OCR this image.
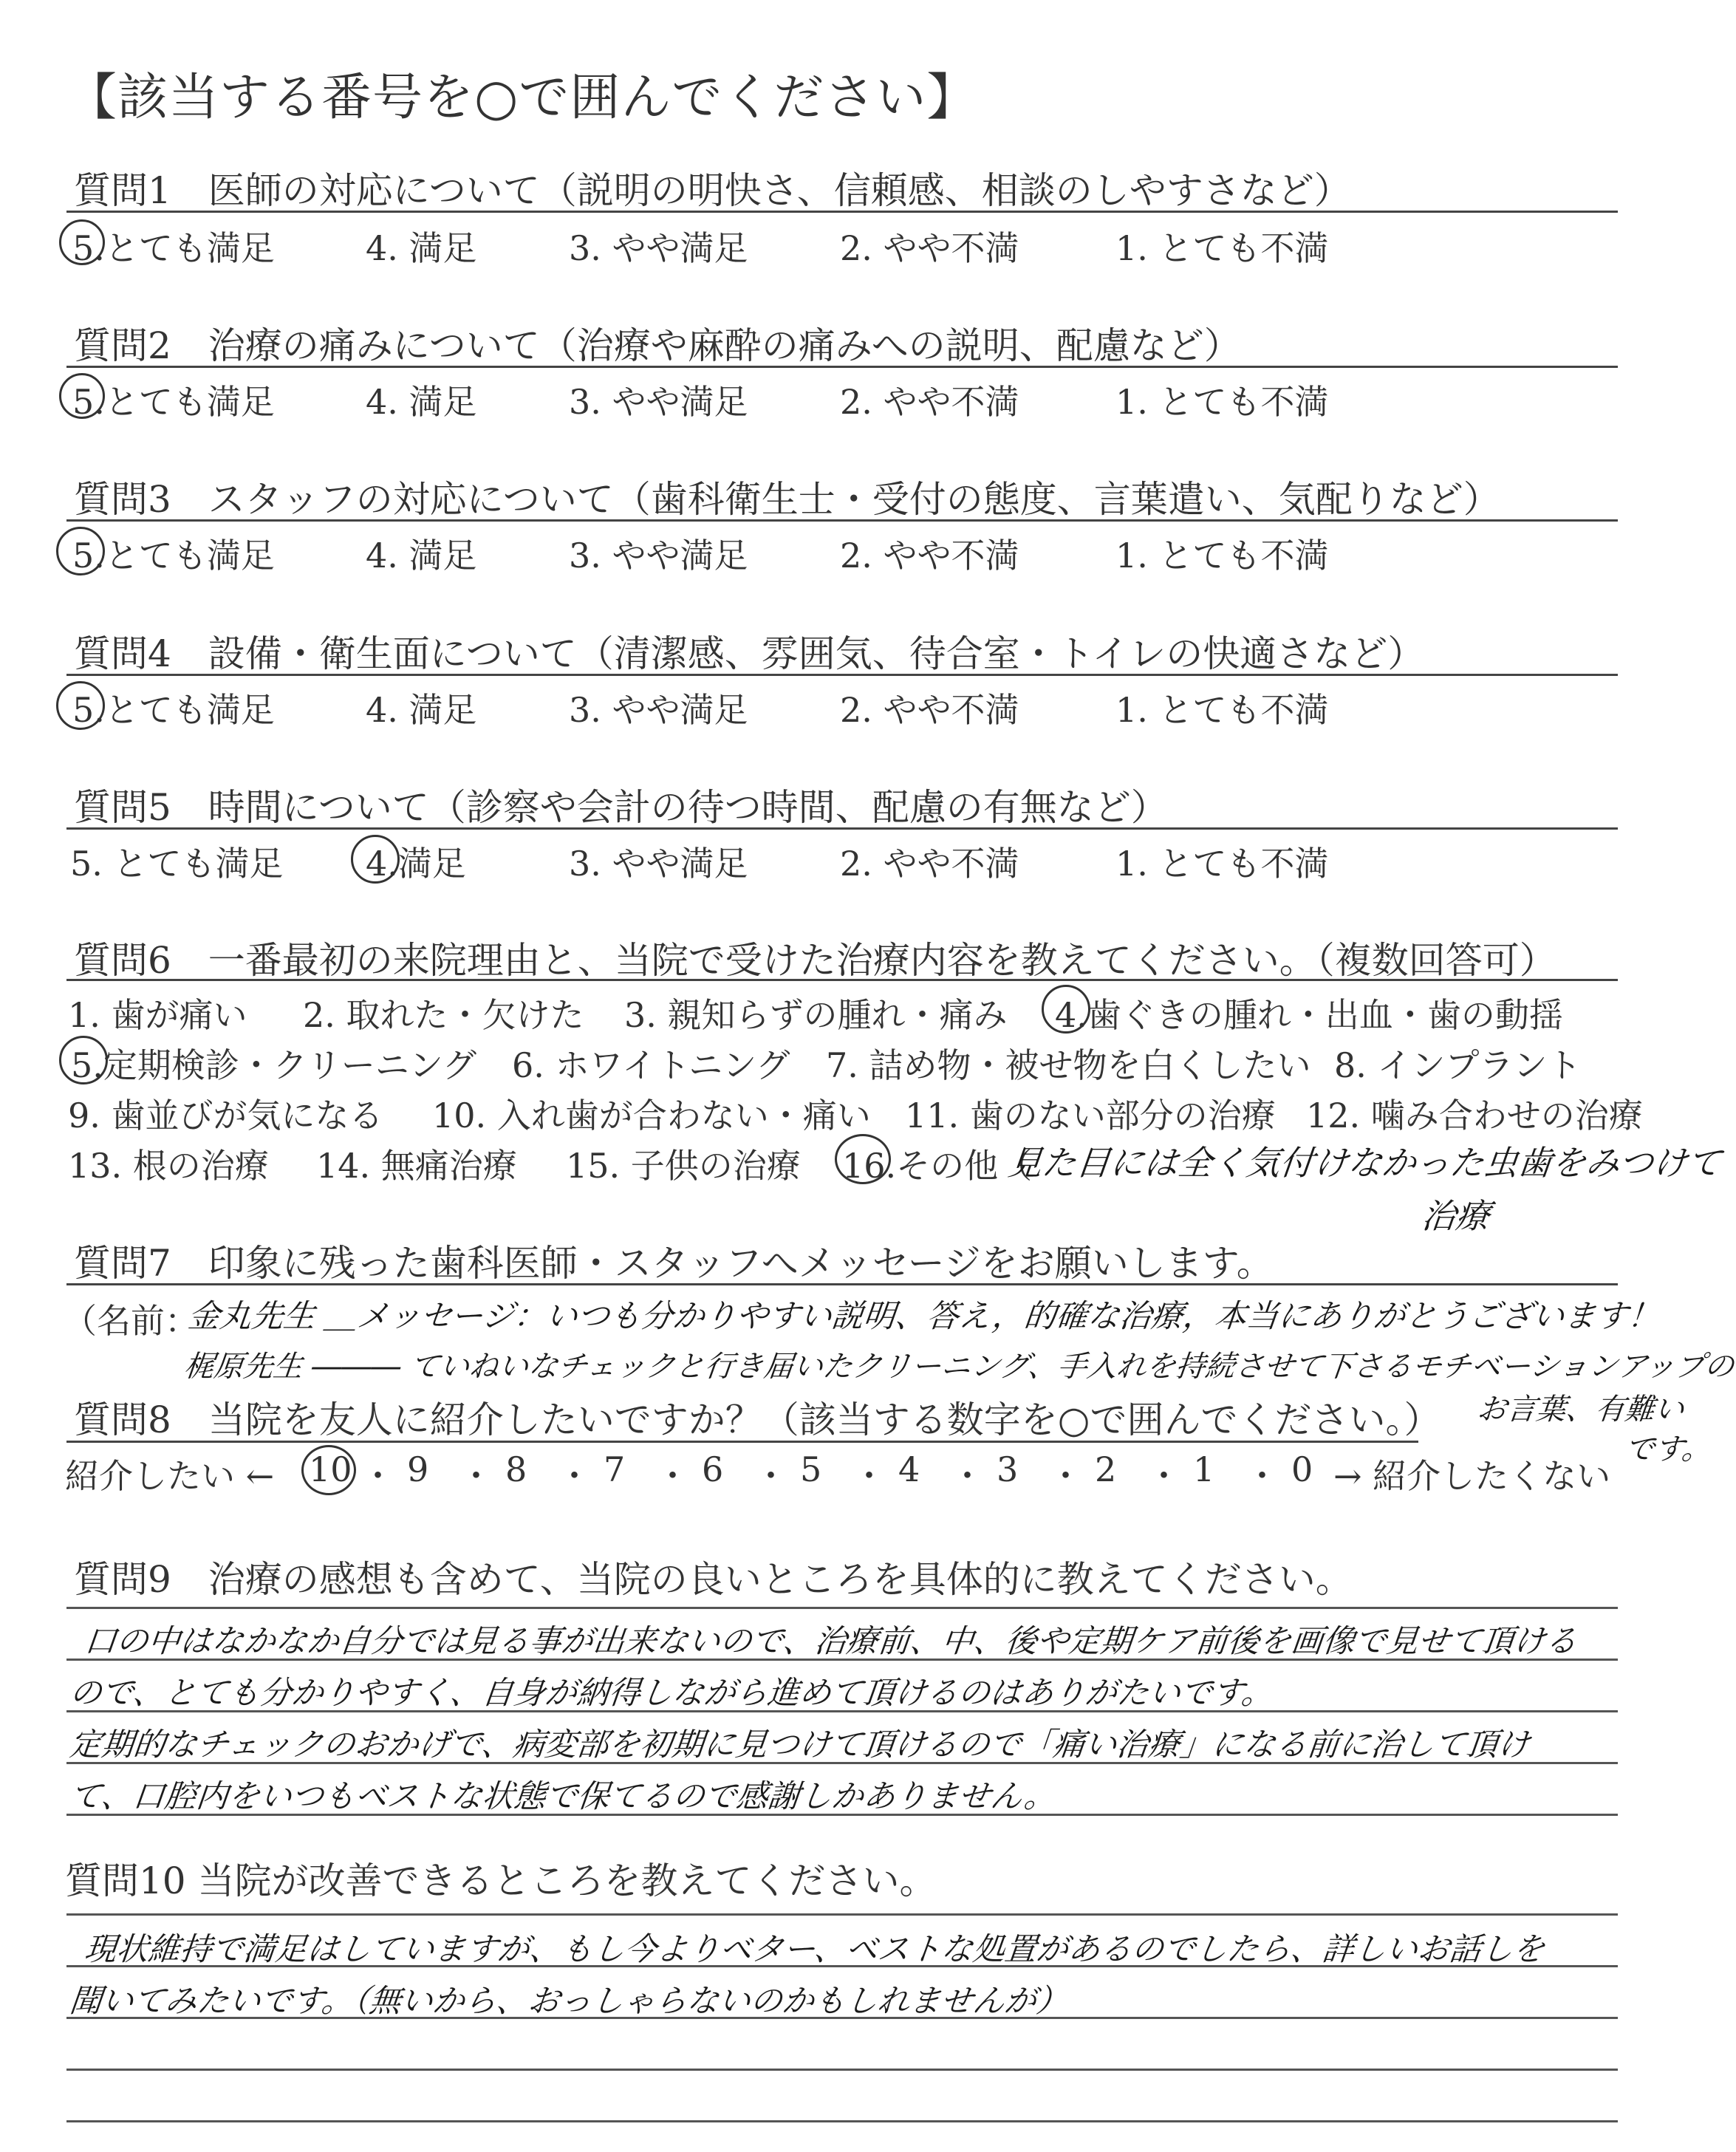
【該当する番号を○で囲んでください】
質問1　医師の対応について（説明の明快さ、信頼感、相談のしやすさなど）
5.とても満足	4. 満足	3. やや満足	2. やや不満	1. とても不満
質問2　治療の痛みについて（治療や麻酔の痛みへの説明、配慮など）
5.とても満足	4. 満足	3. やや満足	2. やや不満	1. とても不満
質問3　スタッフの対応について（歯科衛生士・受付の態度、言葉遣い、気配りなど）
5.とても満足	4. 満足	3. やや満足	2. やや不満	1. とても不満
質問4　設備・衛生面について（清潔感、雰囲気、待合室・トイレの快適さなど）
5.とても満足	4. 満足	3. やや満足	2. やや不満	1. とても不満
質問5　時間について（診察や会計の待つ時間、配慮の有無など）
5. とても満足 4.満足	3. やや満足	2. やや不満	1. とても不満
質問6　一番最初の来院理由と、当院で受けた治療内容を教えてください。（複数回答可）
1. 歯が痛い 2. 取れた・欠けた 3. 親知らずの腫れ・痛み 4.歯ぐきの腫れ・出血・歯の動揺
5.定期検診・クリーニング 6. ホワイトニング 7. 詰め物・被せ物を白くしたい 8. インプラント
9. 歯並びが気になる 10. 入れ歯が合わない・痛い 11. 歯のない部分の治療 12. 噛み合わせの治療
13. 根の治療 14. 無痛治療 15. 子供の治療 16.その他（
見た目には全く気付けなかった虫歯をみつけて
治療
質問7　印象に残った歯科医師・スタッフへメッセージをお願いします。
（名前：
金丸先生 ＿メッセージ：いつも分かりやすい説明、答え，的確な治療，本当にありがとうございます！
梶原先生 ――― ていねいなチェックと行き届いたクリーニング、手入れを持続させて下さるモチベーションアップの
お言葉、有難い
です。
質問8　当院を友人に紹介したいですか？（該当する数字を○で囲んでください。）
紹介したい ← 10 ・ 9 ・ 8 ・ 7 ・ 6 ・ 5 ・ 4 ・ 3 ・ 2 ・ 1 ・ 0 → 紹介したくない
質問9　治療の感想も含めて、当院の良いところを具体的に教えてください。
口の中はなかなか自分では見る事が出来ないので、治療前、中、後や定期ケア前後を画像で見せて頂ける
ので、とても分かりやすく、自身が納得しながら進めて頂けるのはありがたいです。
定期的なチェックのおかげで、病変部を初期に見つけて頂けるので「痛い治療」になる前に治して頂け
て、口腔内をいつもベストな状態で保てるので感謝しかありません。
質問10 当院が改善できるところを教えてください。
現状維持で満足はしていますが、もし今よりベター、ベストな処置があるのでしたら、詳しいお話しを
聞いてみたいです。（無いから、おっしゃらないのかもしれませんが）
